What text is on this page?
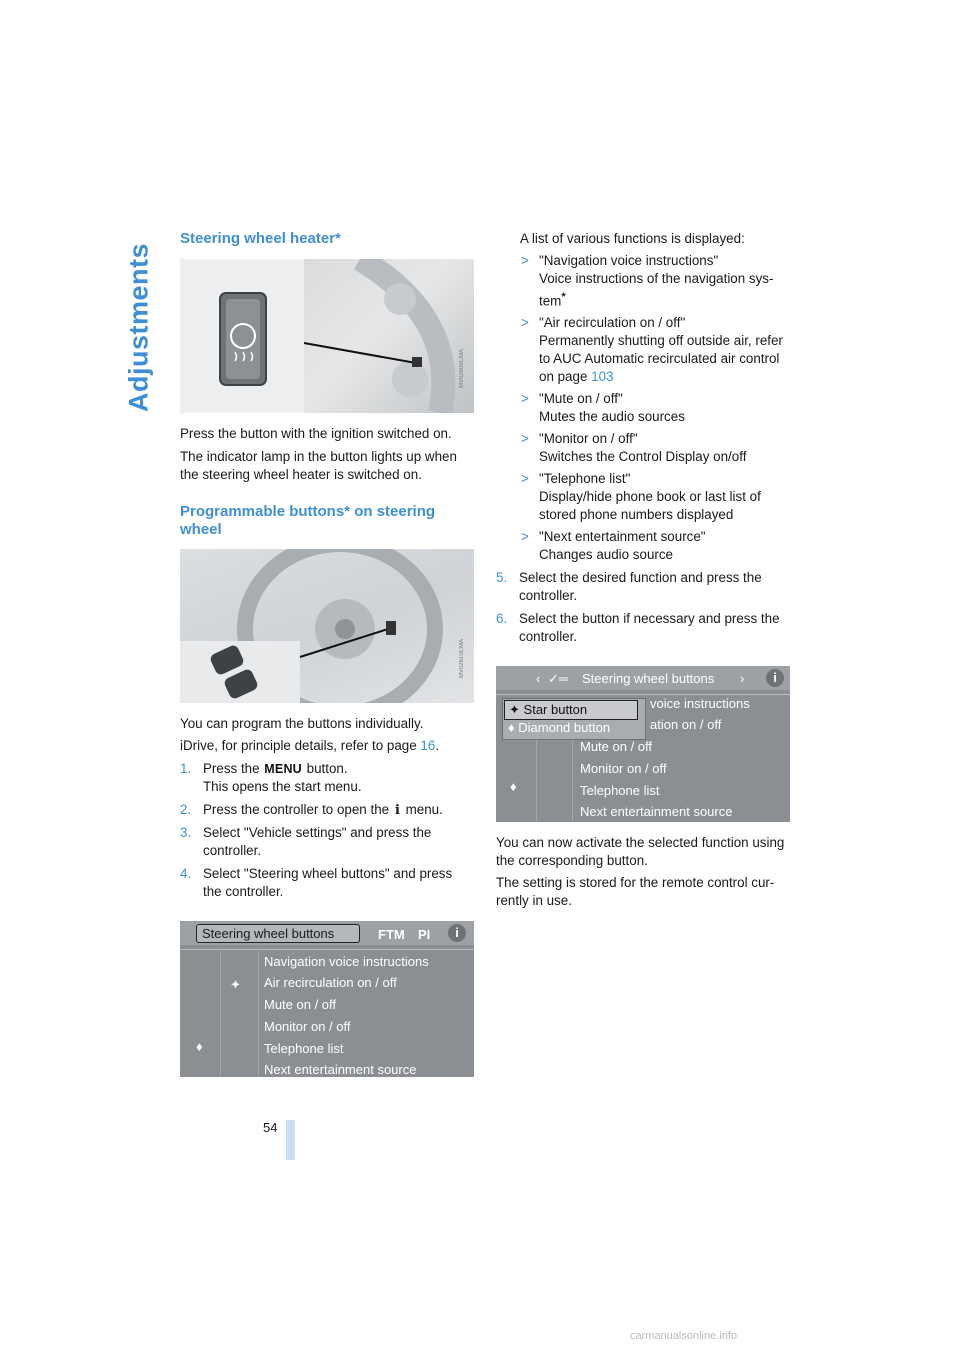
Adjustments
Steering wheel heater*
MV02609CMA

Press the button with the ignition switched on.

The indicator lamp in the button lights up when the steering wheel heater is switched on.

Programmable buttons* on steering wheel
MV02610CMA

You can program the buttons individually.

iDrive, for principle details, refer to page 16.

1. Press the MENU button.
This opens the start menu.
2. Press the controller to open the i menu.
3. Select "Vehicle settings" and press the controller.
4. Select "Steering wheel buttons" and press the controller.
Steering wheel buttons	FTM PI	i
✦
♦
Navigation voice instructions
Air recirculation on / off
Mute on / off
Monitor on / off
Telephone list
Next entertainment source

A list of various functions is displayed:

> "Navigation voice instructions"
Voice instructions of the navigation sys-tem*
> "Air recirculation on / off"
Permanently shutting off outside air, refer to AUC Automatic recirculated air control on page 103
> "Mute on / off"
Mutes the audio sources
> "Monitor on / off"
Switches the Control Display on/off
> "Telephone list"
Display/hide phone book or last list of stored phone numbers displayed
> "Next entertainment source"
Changes audio source
5. Select the desired function and press the controller.
6. Select the button if necessary and press the controller.
‹ ✓═ Steering wheel buttons ›	i
voice instructions
ation on / off
✦ Star button
♦ Diamond button
♦
Mute on / off
Monitor on / off
Telephone list
Next entertainment source

You can now activate the selected function using the corresponding button.

The setting is stored for the remote control cur-rently in use.

54
carmanualsonline.info
